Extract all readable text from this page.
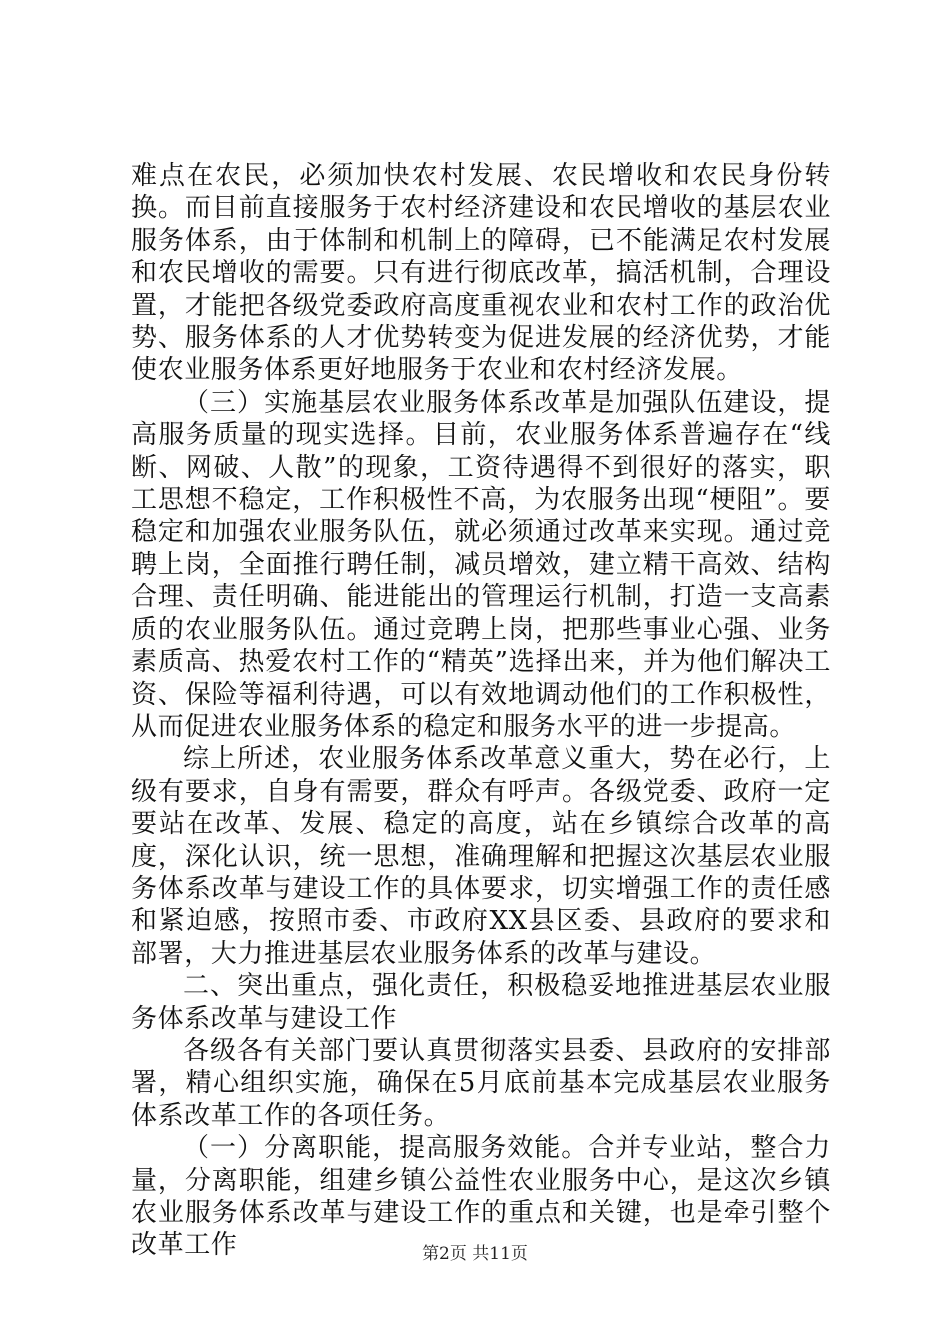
难点在农民，必须加快农村发展、农民增收和农民身份转换。而目前直接服务于农村经济建设和农民增收的基层农业服务体系，由于体制和机制上的障碍，已不能满足农村发展和农民增收的需要。只有进行彻底改革，搞活机制，合理设置，才能把各级党委政府高度重视农业和农村工作的政治优势、服务体系的人才优势转变为促进发展的经济优势，才能使农业服务体系更好地服务于农业和农村经济发展。

（三）实施基层农业服务体系改革是加强队伍建设，提高服务质量的现实选择。目前，农业服务体系普遍存在“线断、网破、人散”的现象，工资待遇得不到很好的落实，职工思想不稳定，工作积极性不高，为农服务出现“梗阻”。要稳定和加强农业服务队伍，就必须通过改革来实现。通过竞聘上岗，全面推行聘任制，减员增效，建立精干高效、结构合理、责任明确、能进能出的管理运行机制，打造一支高素质的农业服务队伍。通过竞聘上岗，把那些事业心强、业务素质高、热爱农村工作的“精英”选择出来，并为他们解决工资、保险等福利待遇，可以有效地调动他们的工作积极性，从而促进农业服务体系的稳定和服务水平的进一步提高。

综上所述，农业服务体系改革意义重大，势在必行，上级有要求，自身有需要，群众有呼声。各级党委、政府一定要站在改革、发展、稳定的高度，站在乡镇综合改革的高度，深化认识，统一思想，准确理解和把握这次基层农业服务体系改革与建设工作的具体要求，切实增强工作的责任感和紧迫感，按照市委、市政府XX县区委、县政府的要求和部署，大力推进基层农业服务体系的改革与建设。

二、突出重点，强化责任，积极稳妥地推进基层农业服务体系改革与建设工作

各级各有关部门要认真贯彻落实县委、县政府的安排部署，精心组织实施，确保在5月底前基本完成基层农业服务体系改革工作的各项任务。

（一）分离职能，提高服务效能。合并专业站，整合力量，分离职能，组建乡镇公益性农业服务中心，是这次乡镇农业服务体系改革与建设工作的重点和关键，也是牵引整个改革工作	第2页 共11页
